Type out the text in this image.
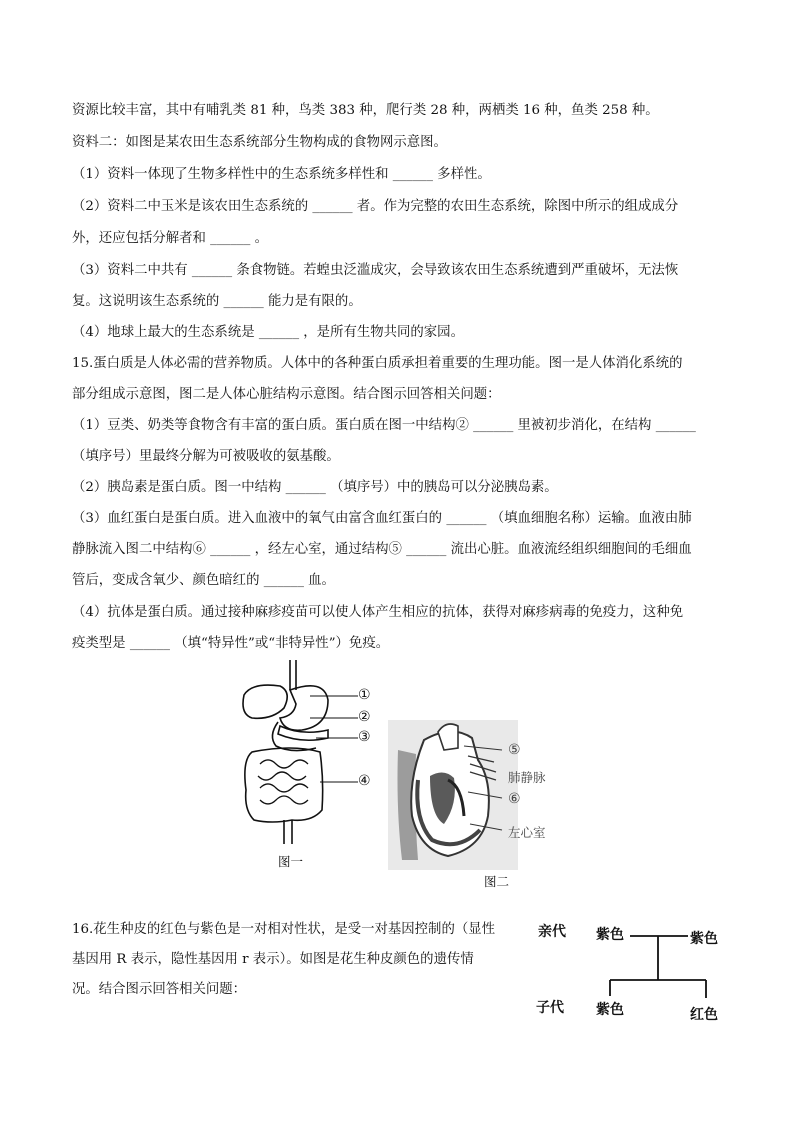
资源比较丰富，其中有哺乳类 81 种，鸟类 383 种，爬行类 28 种，两栖类 16 种，鱼类 258 种。
资料二：如图是某农田生态系统部分生物构成的食物网示意图。
（1）资料一体现了生物多样性中的生态系统多样性和 ______ 多样性。
（2）资料二中玉米是该农田生态系统的 ______ 者。作为完整的农田生态系统，除图中所示的组成成分
外，还应包括分解者和 ______ 。
（3）资料二中共有 ______ 条食物链。若蝗虫泛滥成灾，会导致该农田生态系统遭到严重破坏，无法恢
复。这说明该生态系统的 ______ 能力是有限的。
（4）地球上最大的生态系统是 ______ ，是所有生物共同的家园。
15.蛋白质是人体必需的营养物质。人体中的各种蛋白质承担着重要的生理功能。图一是人体消化系统的
部分组成示意图，图二是人体心脏结构示意图。结合图示回答相关问题：
（1）豆类、奶类等食物含有丰富的蛋白质。蛋白质在图一中结构② ______ 里被初步消化，在结构 ______
（填序号）里最终分解为可被吸收的氨基酸。
（2）胰岛素是蛋白质。图一中结构 ______ （填序号）中的胰岛可以分泌胰岛素。
（3）血红蛋白是蛋白质。进入血液中的氧气由富含血红蛋白的 ______ （填血细胞名称）运输。血液由肺
静脉流入图二中结构⑥ ______ ，经左心室，通过结构⑤ ______ 流出心脏。血液流经组织细胞间的毛细血
管后，变成含氧少、颜色暗红的 ______ 血。
（4）抗体是蛋白质。通过接种麻疹疫苗可以使人体产生相应的抗体，获得对麻疹病毒的免疫力，这种免
疫类型是 ______ （填“特异性”或“非特异性”）免疫。
①
②
③
④
图一
⑤
肺静脉
⑥
左心室
图二
16.花生种皮的红色与紫色是一对相对性状，是受一对基因控制的（显性
基因用 R 表示，隐性基因用 r 表示）。如图是花生种皮颜色的遗传情
况。结合图示回答相关问题：
亲代 紫色	紫色
子代 紫色	红色
